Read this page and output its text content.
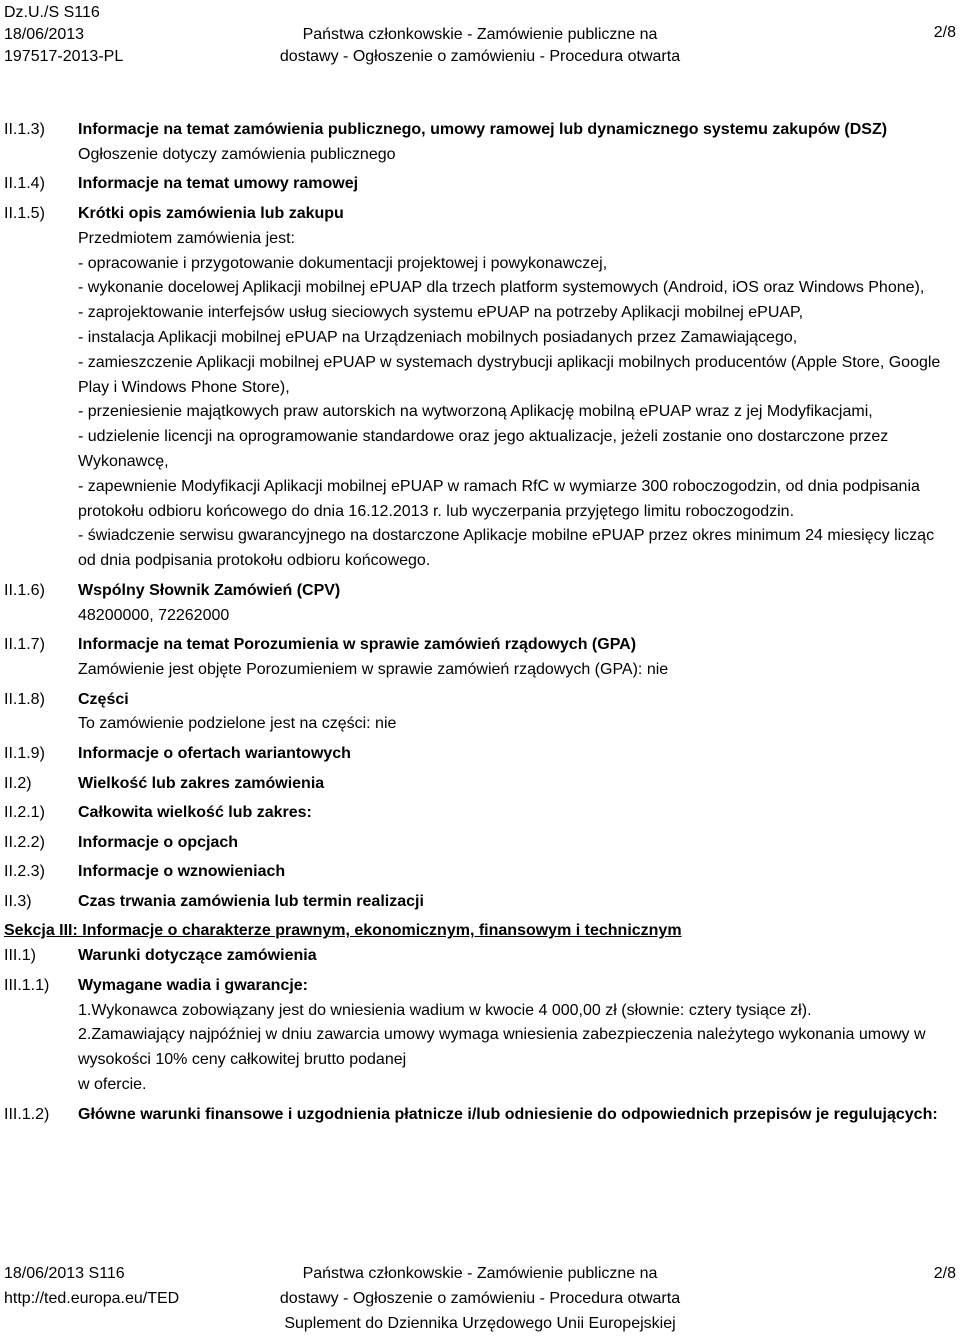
Dz.U./S S116
18/06/2013
197517-2013-PL
Państwa członkowskie - Zamówienie publiczne na
dostawy - Ogłoszenie o zamówieniu - Procedura otwarta
2/8
II.1.3) Informacje na temat zamówienia publicznego, umowy ramowej lub dynamicznego systemu zakupów (DSZ)
Ogłoszenie dotyczy zamówienia publicznego
II.1.4) Informacje na temat umowy ramowej
II.1.5) Krótki opis zamówienia lub zakupu
Przedmiotem zamówienia jest:
- opracowanie i przygotowanie dokumentacji projektowej i powykonawczej,
- wykonanie docelowej Aplikacji mobilnej ePUAP dla trzech platform systemowych (Android, iOS oraz Windows Phone),
- zaprojektowanie interfejsów usług sieciowych systemu ePUAP na potrzeby Aplikacji mobilnej ePUAP,
- instalacja Aplikacji mobilnej ePUAP na Urządzeniach mobilnych posiadanych przez Zamawiającego,
- zamieszczenie Aplikacji mobilnej ePUAP w systemach dystrybucji aplikacji mobilnych producentów (Apple Store, Google Play i Windows Phone Store),
- przeniesienie majątkowych praw autorskich na wytworzoną Aplikację mobilną ePUAP wraz z jej Modyfikacjami,
- udzielenie licencji na oprogramowanie standardowe oraz jego aktualizacje, jeżeli zostanie ono dostarczone przez Wykonawcę,
- zapewnienie Modyfikacji Aplikacji mobilnej ePUAP w ramach RfC w wymiarze 300 roboczogodzin, od dnia podpisania protokołu odbioru końcowego do dnia 16.12.2013 r. lub wyczerpania przyjętego limitu roboczogodzin.
- świadczenie serwisu gwarancyjnego na dostarczone Aplikacje mobilne ePUAP przez okres minimum 24 miesięcy licząc od dnia podpisania protokołu odbioru końcowego.
II.1.6) Wspólny Słownik Zamówień (CPV)
48200000, 72262000
II.1.7) Informacje na temat Porozumienia w sprawie zamówień rządowych (GPA)
Zamówienie jest objęte Porozumieniem w sprawie zamówień rządowych (GPA): nie
II.1.8) Części
To zamówienie podzielone jest na części: nie
II.1.9) Informacje o ofertach wariantowych
II.2)	Wielkość lub zakres zamówienia
II.2.1) Całkowita wielkość lub zakres:
II.2.2) Informacje o opcjach
II.2.3) Informacje o wznowieniach
II.3)	Czas trwania zamówienia lub termin realizacji
Sekcja III: Informacje o charakterze prawnym, ekonomicznym, finansowym i technicznym
III.1)	Warunki dotyczące zamówienia
III.1.1) Wymagane wadia i gwarancje:
1.Wykonawca zobowiązany jest do wniesienia wadium w kwocie 4 000,00 zł (słownie: cztery tysiące zł).
2.Zamawiający najpóźniej w dniu zawarcia umowy wymaga wniesienia zabezpieczenia należytego wykonania umowy w wysokości 10% ceny całkowitej brutto podanej
w ofercie.
III.1.2) Główne warunki finansowe i uzgodnienia płatnicze i/lub odniesienie do odpowiednich przepisów je regulujących:
18/06/2013 S116
http://ted.europa.eu/TED
Państwa członkowskie - Zamówienie publiczne na
dostawy - Ogłoszenie o zamówieniu - Procedura otwarta
Suplement do Dziennika Urzędowego Unii Europejskiej
2/8
